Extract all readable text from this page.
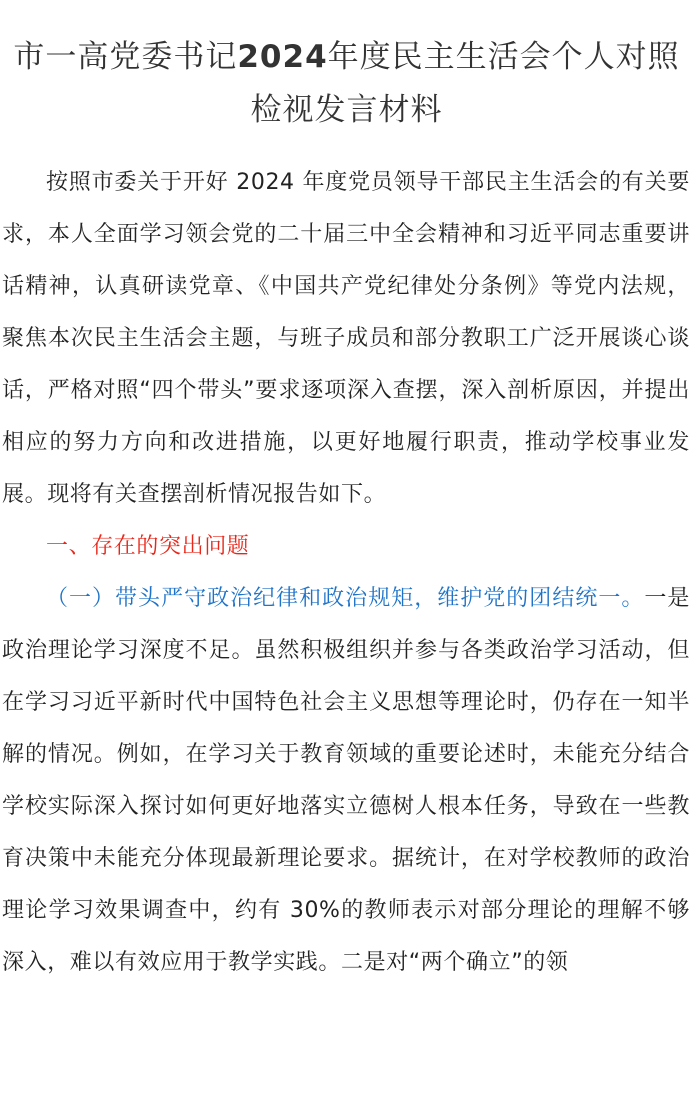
市一高党委书记2024年度民主生活会个人对照检视发言材料

按照市委关于开好 2024 年度党员领导干部民主生活会的有关要求，本人全面学习领会党的二十届三中全会精神和习近平同志重要讲话精神，认真研读党章、《中国共产党纪律处分条例》等党内法规，聚焦本次民主生活会主题，与班子成员和部分教职工广泛开展谈心谈话，严格对照“四个带头”要求逐项深入查摆，深入剖析原因，并提出相应的努力方向和改进措施，以更好地履行职责，推动学校事业发展。现将有关查摆剖析情况报告如下。

一、存在的突出问题

（一）带头严守政治纪律和政治规矩，维护党的团结统一。一是政治理论学习深度不足。虽然积极组织并参与各类政治学习活动，但在学习习近平新时代中国特色社会主义思想等理论时，仍存在一知半解的情况。例如，在学习关于教育领域的重要论述时，未能充分结合学校实际深入探讨如何更好地落实立德树人根本任务，导致在一些教育决策中未能充分体现最新理论要求。据统计，在对学校教师的政治理论学习效果调查中，约有 30%的教师表示对部分理论的理解不够深入，难以有效应用于教学实践。二是对“两个确立”的领
